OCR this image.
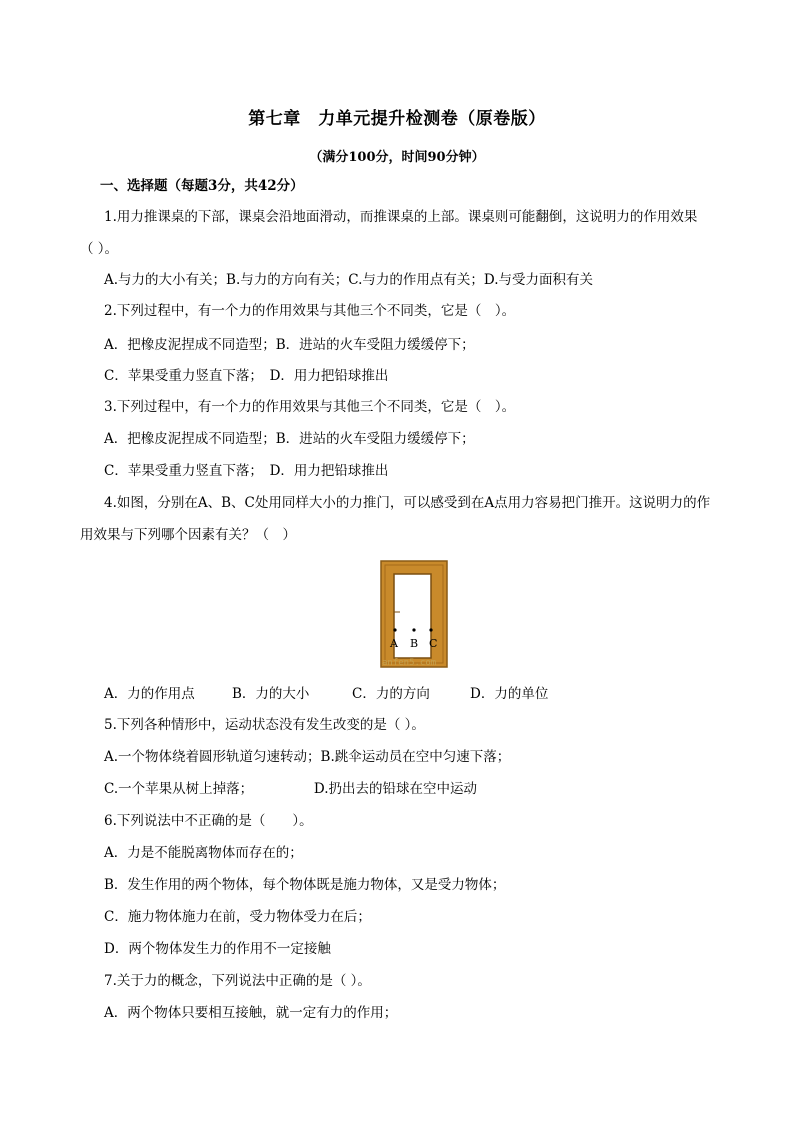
第七章　力单元提升检测卷（原卷版）
（满分100分，时间90分钟）
一、选择题（每题3分，共42分）
1.用力推课桌的下部，课桌会沿地面滑动，而推课桌的上部。课桌则可能翻倒，这说明力的作用效果
（ ）。
A.与力的大小有关；B.与力的方向有关；C.与力的作用点有关；D.与受力面积有关
2.下列过程中，有一个力的作用效果与其他三个不同类，它是（　）。
A．把橡皮泥捏成不同造型；B．进站的火车受阻力缓缓停下；
C．苹果受重力竖直下落；　D．用力把铅球推出
3.下列过程中，有一个力的作用效果与其他三个不同类，它是（　）。
A．把橡皮泥捏成不同造型；B．进站的火车受阻力缓缓停下；
C．苹果受重力竖直下落；　D．用力把铅球推出
4.如图，分别在A、B、C处用同样大小的力推门，可以感受到在A点用力容易把门推开。这说明力的作
用效果与下列哪个因素有关？（　）
A B C
anfen5.com
A．力的作用点	B．力的大小	C．力的方向	D．力的单位
5.下列各种情形中，运动状态没有发生改变的是（ ）。
A.一个物体绕着圆形轨道匀速转动；B.跳伞运动员在空中匀速下落；
C.一个苹果从树上掉落；　　　　　D.扔出去的铅球在空中运动
6.下列说法中不正确的是（　　）。
A．力是不能脱离物体而存在的；
B．发生作用的两个物体，每个物体既是施力物体，又是受力物体；
C．施力物体施力在前，受力物体受力在后；
D．两个物体发生力的作用不一定接触
7.关于力的概念，下列说法中正确的是（ ）。
A．两个物体只要相互接触，就一定有力的作用；
